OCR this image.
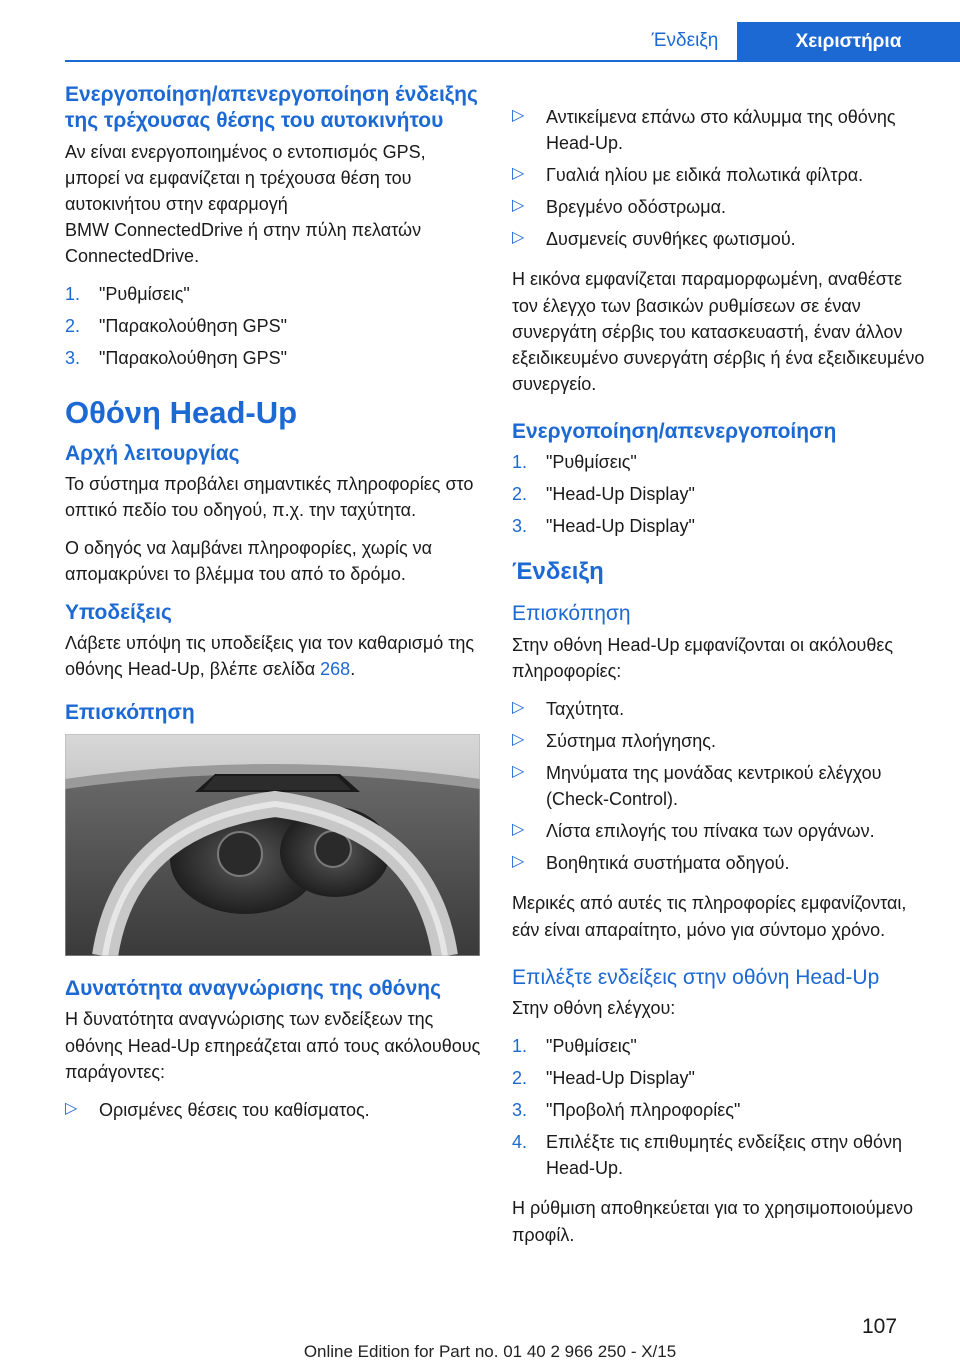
Ένδειξη	Χειριστήρια
Ενεργοποίηση/απενεργοποίηση ένδειξης της τρέχουσας θέσης του αυτοκινήτου

Αν είναι ενεργοποιημένος ο εντοπισμός GPS, μπορεί να εμφανίζεται η τρέχουσα θέση του αυτοκινήτου στην εφαρμογή
BMW ConnectedDrive ή στην πύλη πελατών ConnectedDrive.

1. "Ρυθμίσεις"
2. "Παρακολούθηση GPS"
3. "Παρακολούθηση GPS"
Οθόνη Head-Up
Αρχή λειτουργίας

Το σύστημα προβάλει σημαντικές πληροφορίες στο οπτικό πεδίο του οδηγού, π.χ. την ταχύτητα.

Ο οδηγός να λαμβάνει πληροφορίες, χωρίς να απομακρύνει το βλέμμα του από το δρόμο.

Υποδείξεις

Λάβετε υπόψη τις υποδείξεις για τον καθαρισμό της οθόνης Head-Up, βλέπε σελίδα 268.

Επισκόπηση
Δυνατότητα αναγνώρισης της οθόνης

Η δυνατότητα αναγνώρισης των ενδείξεων της οθόνης Head-Up επηρεάζεται από τους ακόλουθους παράγοντες:

▷ Ορισμένες θέσεις του καθίσματος.
▷ Αντικείμενα επάνω στο κάλυμμα της οθόνης Head-Up.
▷ Γυαλιά ηλίου με ειδικά πολωτικά φίλτρα.
▷ Βρεγμένο οδόστρωμα.
▷ Δυσμενείς συνθήκες φωτισμού.

Η εικόνα εμφανίζεται παραμορφωμένη, αναθέστε τον έλεγχο των βασικών ρυθμίσεων σε έναν συνεργάτη σέρβις του κατασκευαστή, έναν άλλον εξειδικευμένο συνεργάτη σέρβις ή ένα εξειδικευμένο συνεργείο.

Ενεργοποίηση/απενεργοποίηση
1. "Ρυθμίσεις"
2. "Head-Up Display"
3. "Head-Up Display"
Ένδειξη
Επισκόπηση

Στην οθόνη Head-Up εμφανίζονται οι ακόλουθες πληροφορίες:

▷ Ταχύτητα.
▷ Σύστημα πλοήγησης.
▷ Μηνύματα της μονάδας κεντρικού ελέγχου (Check-Control).
▷ Λίστα επιλογής του πίνακα των οργάνων.
▷ Βοηθητικά συστήματα οδηγού.

Μερικές από αυτές τις πληροφορίες εμφανίζονται, εάν είναι απαραίτητο, μόνο για σύντομο χρόνο.

Επιλέξτε ενδείξεις στην οθόνη Head-Up

Στην οθόνη ελέγχου:

1. "Ρυθμίσεις"
2. "Head-Up Display"
3. "Προβολή πληροφορίες"
4. Επιλέξτε τις επιθυμητές ενδείξεις στην οθόνη Head-Up.

Η ρύθμιση αποθηκεύεται για το χρησιμοποιούμενο προφίλ.

107
Online Edition for Part no. 01 40 2 966 250 - X/15
